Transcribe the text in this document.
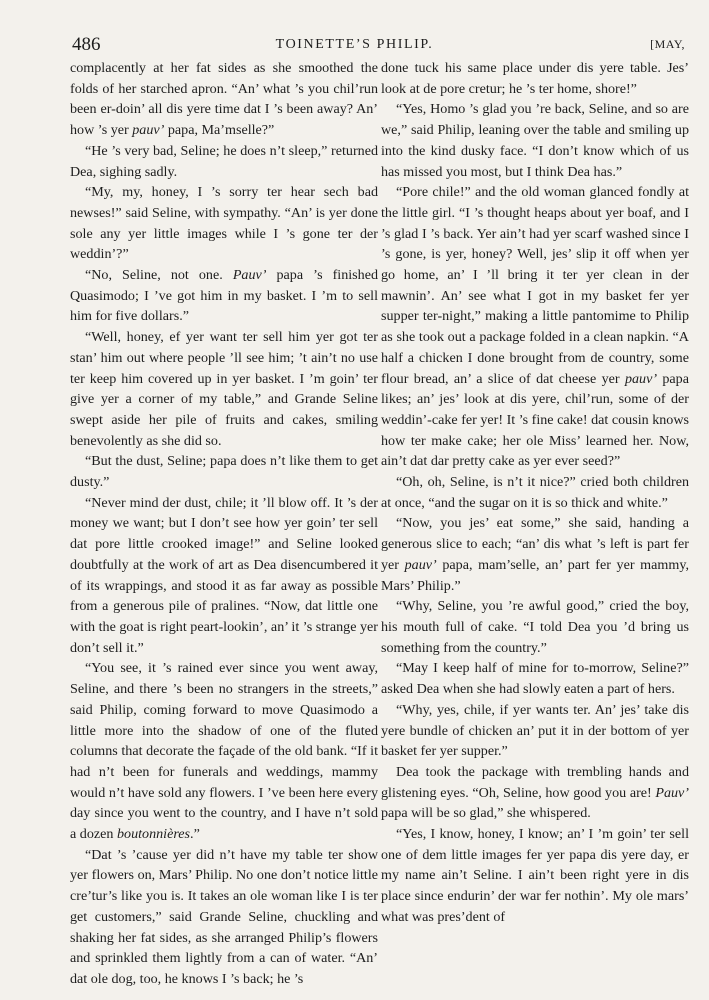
486	TOINETTE’S PHILIP.	[MAY,

complacently at her fat sides as she smoothed the folds of her starched apron. “An’ what ’s you chil’run been er-doin’ all dis yere time dat I ’s been away? An’ how ’s yer pauv’ papa, Ma’mselle?”

“He ’s very bad, Seline; he does n’t sleep,” returned Dea, sighing sadly.

“My, my, honey, I ’s sorry ter hear sech bad newses!” said Seline, with sympathy. “An’ is yer done sole any yer little images while I ’s gone ter der weddin’?”

“No, Seline, not one. Pauv’ papa ’s finished Quasimodo; I ’ve got him in my basket. I ’m to sell him for five dollars.”

“Well, honey, ef yer want ter sell him yer got ter stan’ him out where people ’ll see him; ’t ain’t no use ter keep him covered up in yer basket. I ’m goin’ ter give yer a corner of my table,” and Grande Seline swept aside her pile of fruits and cakes, smiling benevolently as she did so.

“But the dust, Seline; papa does n’t like them to get dusty.”

“Never mind der dust, chile; it ’ll blow off. It ’s der money we want; but I don’t see how yer goin’ ter sell dat pore little crooked image!” and Seline looked doubtfully at the work of art as Dea disencumbered it of its wrappings, and stood it as far away as possible from a generous pile of pralines. “Now, dat little one with the goat is right peart-lookin’, an’ it ’s strange yer don’t sell it.”

“You see, it ’s rained ever since you went away, Seline, and there ’s been no strangers in the streets,” said Philip, coming forward to move Quasimodo a little more into the shadow of one of the fluted columns that decorate the façade of the old bank. “If it had n’t been for funerals and weddings, mammy would n’t have sold any flowers. I ’ve been here every day since you went to the country, and I have n’t sold a dozen boutonnières.”

“Dat ’s ’cause yer did n’t have my table ter show yer flowers on, Mars’ Philip. No one don’t notice little cre’tur’s like you is. It takes an ole woman like I is ter get customers,” said Grande Seline, chuckling and shaking her fat sides, as she arranged Philip’s flowers and sprinkled them lightly from a can of water. “An’ dat ole dog, too, he knows I ’s back; he ’s

done tuck his same place under dis yere table. Jes’ look at de pore cretur; he ’s ter home, shore!”

“Yes, Homo ’s glad you ’re back, Seline, and so are we,” said Philip, leaning over the table and smiling up into the kind dusky face. “I don’t know which of us has missed you most, but I think Dea has.”

“Pore chile!” and the old woman glanced fondly at the little girl. “I ’s thought heaps about yer boaf, and I ’s glad I ’s back. Yer ain’t had yer scarf washed since I ’s gone, is yer, honey? Well, jes’ slip it off when yer go home, an’ I ’ll bring it ter yer clean in der mawnin’. An’ see what I got in my basket fer yer supper ter-night,” making a little pantomime to Philip as she took out a package folded in a clean napkin. “A half a chicken I done brought from de country, some flour bread, an’ a slice of dat cheese yer pauv’ papa likes; an’ jes’ look at dis yere, chil’run, some of der weddin’-cake fer yer! It ’s fine cake! dat cousin knows how ter make cake; her ole Miss’ learned her. Now, ain’t dat dar pretty cake as yer ever seed?”

“Oh, oh, Seline, is n’t it nice?” cried both children at once, “and the sugar on it is so thick and white.”

“Now, you jes’ eat some,” she said, handing a generous slice to each; “an’ dis what ’s left is part fer yer pauv’ papa, mam’selle, an’ part fer yer mammy, Mars’ Philip.”

“Why, Seline, you ’re awful good,” cried the boy, his mouth full of cake. “I told Dea you ’d bring us something from the country.”

“May I keep half of mine for to-morrow, Seline?” asked Dea when she had slowly eaten a part of hers.

“Why, yes, chile, if yer wants ter. An’ jes’ take dis yere bundle of chicken an’ put it in der bottom of yer basket fer yer supper.”

Dea took the package with trembling hands and glistening eyes. “Oh, Seline, how good you are! Pauv’ papa will be so glad,” she whispered.

“Yes, I know, honey, I know; an’ I ’m goin’ ter sell one of dem little images fer yer papa dis yere day, er my name ain’t Seline. I ain’t been right yere in dis place since endurin’ der war fer nothin’. My ole mars’ what was pres’dent of
